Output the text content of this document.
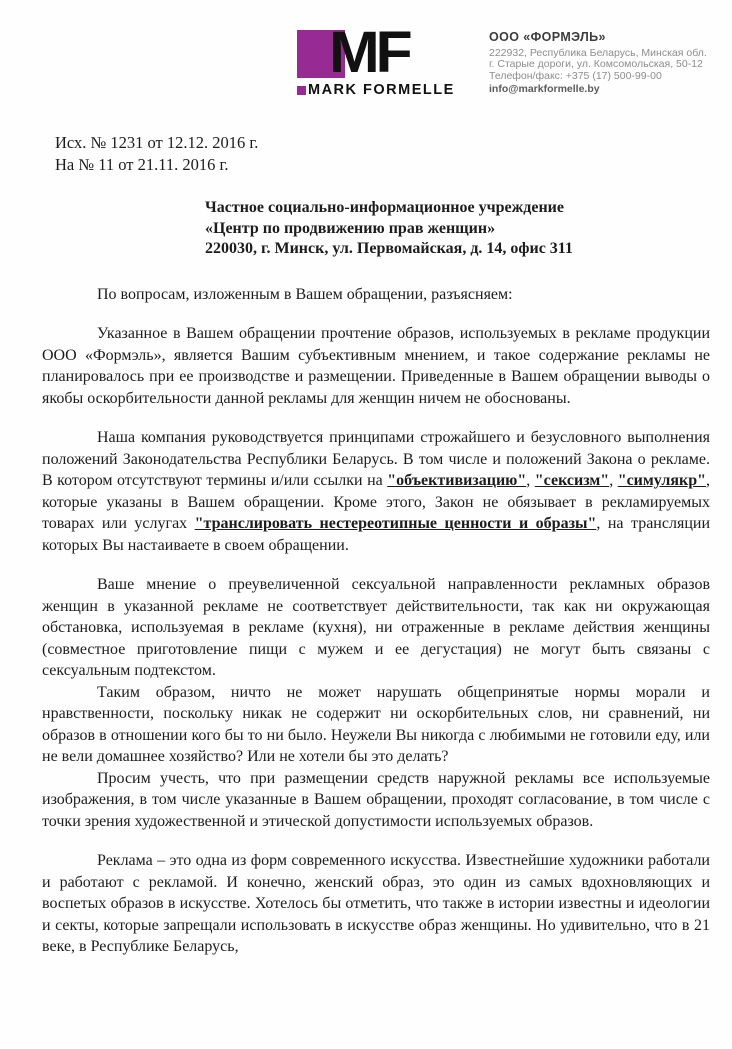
MF
MARK FORMELLE
ООО «ФОРМЭЛЬ»
222932, Республика Беларусь, Минская обл.
г. Старые дороги, ул. Комсомольская, 50-12
Телефон/факс: +375 (17) 500-99-00
info@markformelle.by
Исх. № 1231 от 12.12. 2016 г.
На № 11 от 21.11. 2016 г.
Частное социально-информационное учреждение
«Центр по продвижению прав женщин»
220030, г. Минск, ул. Первомайская, д. 14, офис 311

По вопросам, изложенным в Вашем обращении, разъясняем:

Указанное в Вашем обращении прочтение образов, используемых в рекламе продукции ООО «Формэль», является Вашим субъективным мнением, и такое содержание рекламы не планировалось при ее производстве и размещении. Приведенные в Вашем обращении выводы о якобы оскорбительности данной рекламы для женщин ничем не обоснованы.

Наша компания руководствуется принципами строжайшего и безусловного выполнения положений Законодательства Республики Беларусь. В том числе и положений Закона о рекламе. В котором отсутствуют термины и/или ссылки на "объективизацию", "сексизм", "симулякр", которые указаны в Вашем обращении. Кроме этого, Закон не обязывает в рекламируемых товарах или услугах "транслировать нестереотипные ценности и образы", на трансляции которых Вы настаиваете в своем обращении.

Ваше мнение о преувеличенной сексуальной направленности рекламных образов женщин в указанной рекламе не соответствует действительности, так как ни окружающая обстановка, используемая в рекламе (кухня), ни отраженные в рекламе действия женщины (совместное приготовление пищи с мужем и ее дегустация) не могут быть связаны с сексуальным подтекстом.

Таким образом, ничто не может нарушать общепринятые нормы морали и нравственности, поскольку никак не содержит ни оскорбительных слов, ни сравнений, ни образов в отношении кого бы то ни было. Неужели Вы никогда с любимыми не готовили еду, или не вели домашнее хозяйство? Или не хотели бы это делать?

Просим учесть, что при размещении средств наружной рекламы все используемые изображения, в том числе указанные в Вашем обращении, проходят согласование, в том числе с точки зрения художественной и этической допустимости используемых образов.

Реклама – это одна из форм современного искусства. Известнейшие художники работали и работают с рекламой. И конечно, женский образ, это один из самых вдохновляющих и воспетых образов в искусстве. Хотелось бы отметить, что также в истории известны и идеологии и секты, которые запрещали использовать в искусстве образ женщины. Но удивительно, что в 21 веке, в Республике Беларусь,
